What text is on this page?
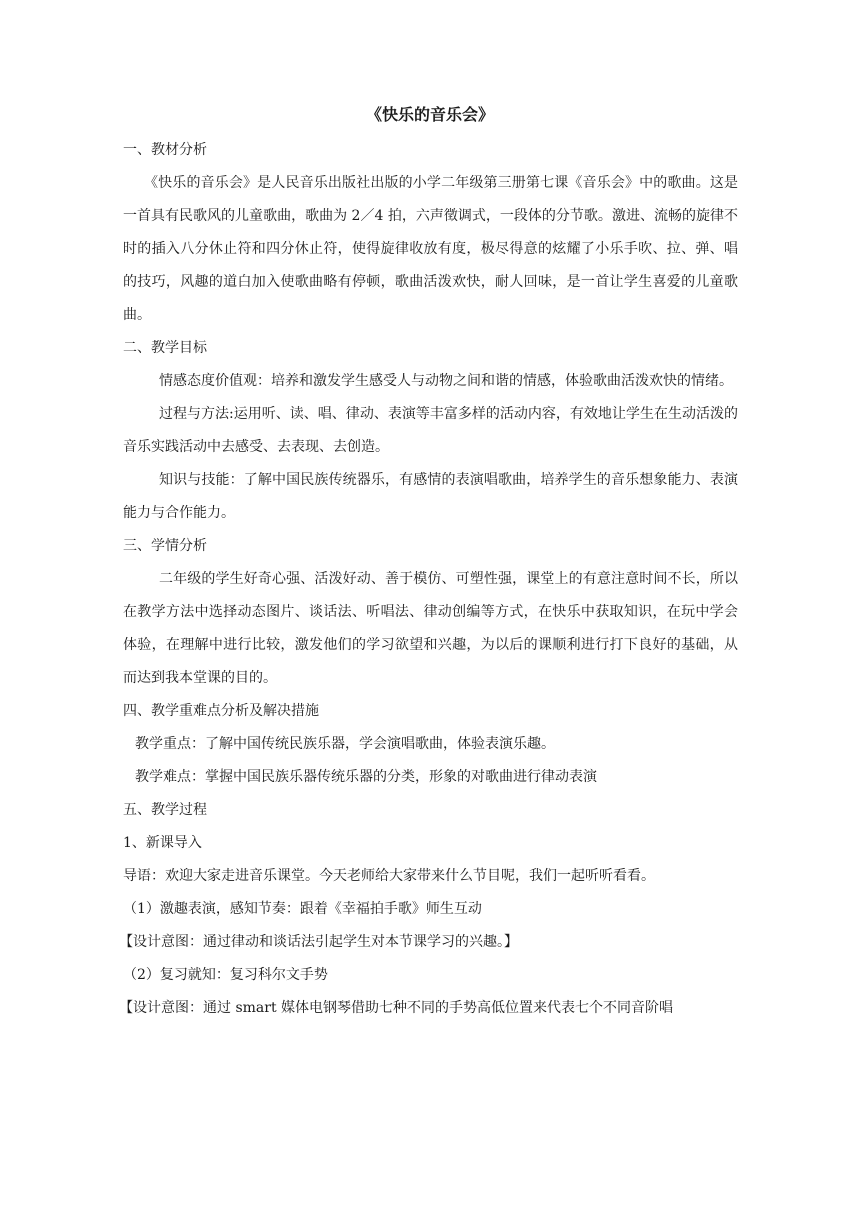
《快乐的音乐会》
一、教材分析

《快乐的音乐会》是人民音乐出版社出版的小学二年级第三册第七课《音乐会》中的歌曲。这是一首具有民歌风的儿童歌曲，歌曲为 2／4 拍，六声徵调式，一段体的分节歌。激进、流畅的旋律不时的插入八分休止符和四分休止符，使得旋律收放有度，极尽得意的炫耀了小乐手吹、拉、弹、唱的技巧，风趣的道白加入使歌曲略有停顿，歌曲活泼欢快，耐人回味，是一首让学生喜爱的儿童歌曲。

二、教学目标

情感态度价值观：培养和激发学生感受人与动物之间和谐的情感，体验歌曲活泼欢快的情绪。

过程与方法:运用听、读、唱、律动、表演等丰富多样的活动内容，有效地让学生在生动活泼的音乐实践活动中去感受、去表现、去创造。

知识与技能：了解中国民族传统器乐，有感情的表演唱歌曲，培养学生的音乐想象能力、表演能力与合作能力。

三、学情分析

二年级的学生好奇心强、活泼好动、善于模仿、可塑性强，课堂上的有意注意时间不长，所以在教学方法中选择动态图片、谈话法、听唱法、律动创编等方式，在快乐中获取知识，在玩中学会体验，在理解中进行比较，激发他们的学习欲望和兴趣，为以后的课顺利进行打下良好的基础，从而达到我本堂课的目的。

四、教学重难点分析及解决措施
教学重点：了解中国传统民族乐器，学会演唱歌曲，体验表演乐趣。
教学难点：掌握中国民族乐器传统乐器的分类，形象的对歌曲进行律动表演
五、教学过程
1、新课导入
导语：欢迎大家走进音乐课堂。今天老师给大家带来什么节目呢，我们一起听听看看。
（1）激趣表演，感知节奏：跟着《幸福拍手歌》师生互动
【设计意图：通过律动和谈话法引起学生对本节课学习的兴趣。】
（2）复习就知：复习科尔文手势
【设计意图：通过 smart 媒体电钢琴借助七种不同的手势高低位置来代表七个不同音阶唱
